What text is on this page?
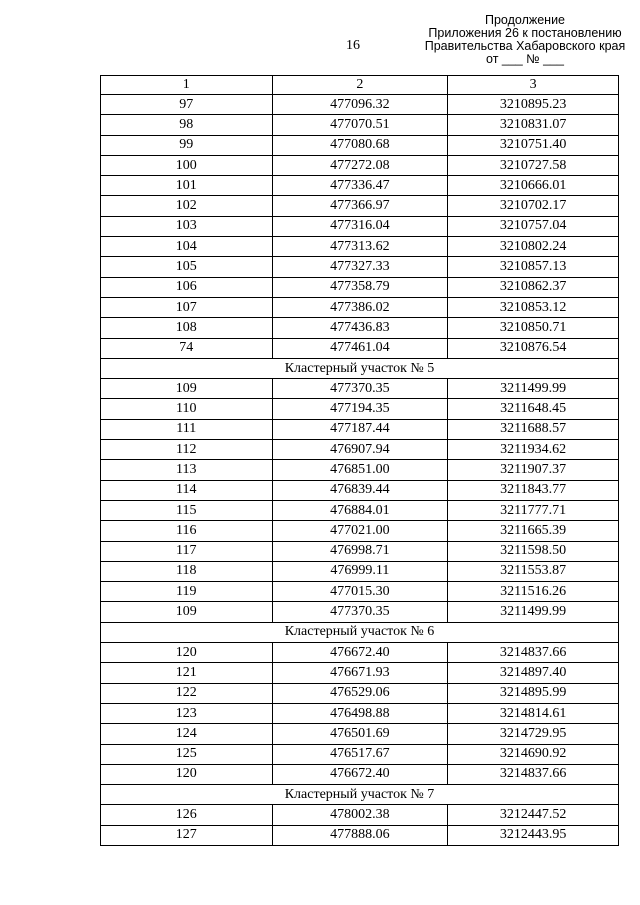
Продолжение
Приложения 26 к постановлению
Правительства Хабаровского края
от ___ № ___
16
1	2	3
97	477096.32	3210895.23
98	477070.51	3210831.07
99	477080.68	3210751.40
100	477272.08	3210727.58
101	477336.47	3210666.01
102	477366.97	3210702.17
103	477316.04	3210757.04
104	477313.62	3210802.24
105	477327.33	3210857.13
106	477358.79	3210862.37
107	477386.02	3210853.12
108	477436.83	3210850.71
74	477461.04	3210876.54
Кластерный участок № 5		
109	477370.35	3211499.99
110	477194.35	3211648.45
111	477187.44	3211688.57
112	476907.94	3211934.62
113	476851.00	3211907.37
114	476839.44	3211843.77
115	476884.01	3211777.71
116	477021.00	3211665.39
117	476998.71	3211598.50
118	476999.11	3211553.87
119	477015.30	3211516.26
109	477370.35	3211499.99
Кластерный участок № 6		
120	476672.40	3214837.66
121	476671.93	3214897.40
122	476529.06	3214895.99
123	476498.88	3214814.61
124	476501.69	3214729.95
125	476517.67	3214690.92
120	476672.40	3214837.66
Кластерный участок № 7		
126	478002.38	3212447.52
127	477888.06	3212443.95
